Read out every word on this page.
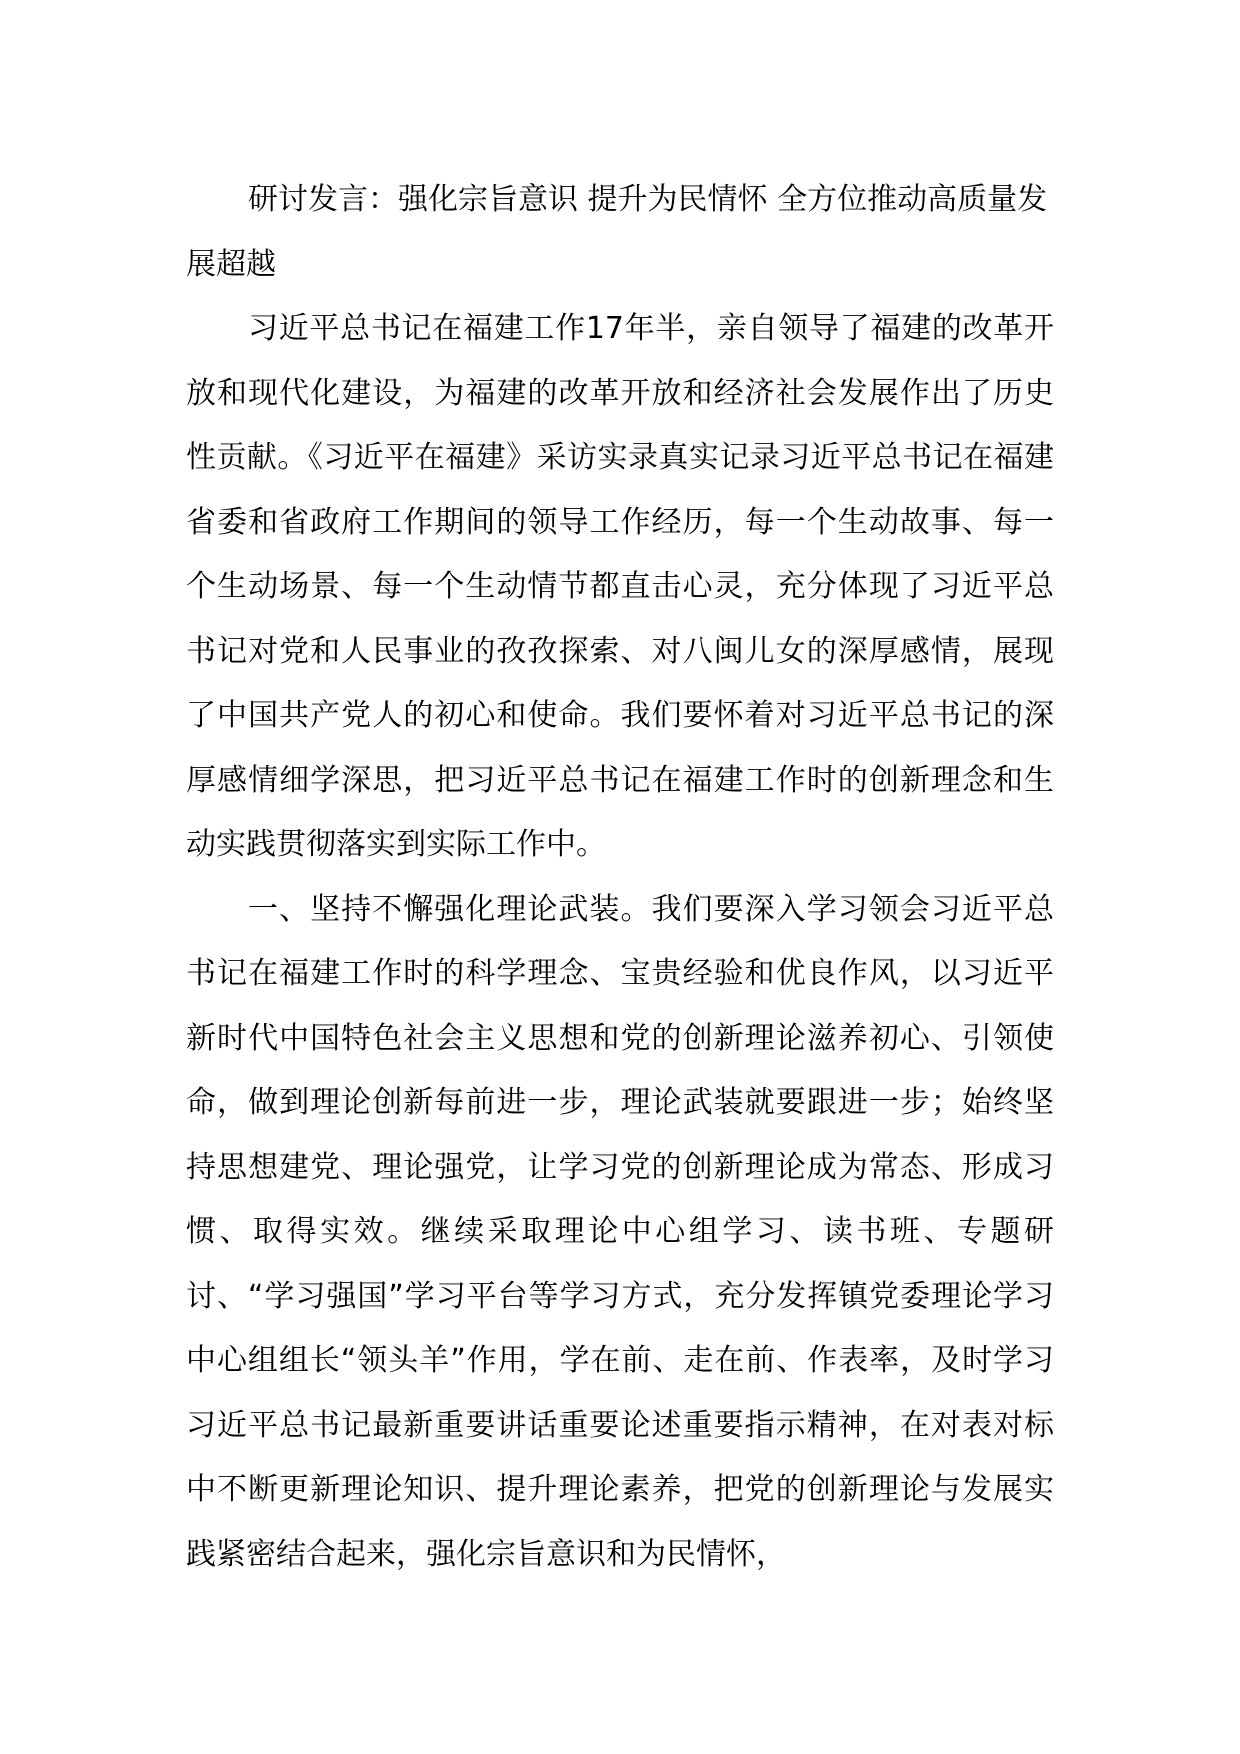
研讨发言：强化宗旨意识 提升为民情怀 全方位推动高质量发展超越

习近平总书记在福建工作17年半，亲自领导了福建的改革开放和现代化建设，为福建的改革开放和经济社会发展作出了历史性贡献。《习近平在福建》采访实录真实记录习近平总书记在福建省委和省政府工作期间的领导工作经历，每一个生动故事、每一个生动场景、每一个生动情节都直击心灵，充分体现了习近平总书记对党和人民事业的孜孜探索、对八闽儿女的深厚感情，展现了中国共产党人的初心和使命。我们要怀着对习近平总书记的深厚感情细学深思，把习近平总书记在福建工作时的创新理念和生动实践贯彻落实到实际工作中。

一、坚持不懈强化理论武装。我们要深入学习领会习近平总书记在福建工作时的科学理念、宝贵经验和优良作风，以习近平新时代中国特色社会主义思想和党的创新理论滋养初心、引领使命，做到理论创新每前进一步，理论武装就要跟进一步；始终坚持思想建党、理论强党，让学习党的创新理论成为常态、形成习惯、取得实效。继续采取理论中心组学习、读书班、专题研讨、“学习强国”学习平台等学习方式，充分发挥镇党委理论学习中心组组长“领头羊”作用，学在前、走在前、作表率，及时学习习近平总书记最新重要讲话重要论述重要指示精神，在对表对标中不断更新理论知识、提升理论素养，把党的创新理论与发展实践紧密结合起来，强化宗旨意识和为民情怀，
